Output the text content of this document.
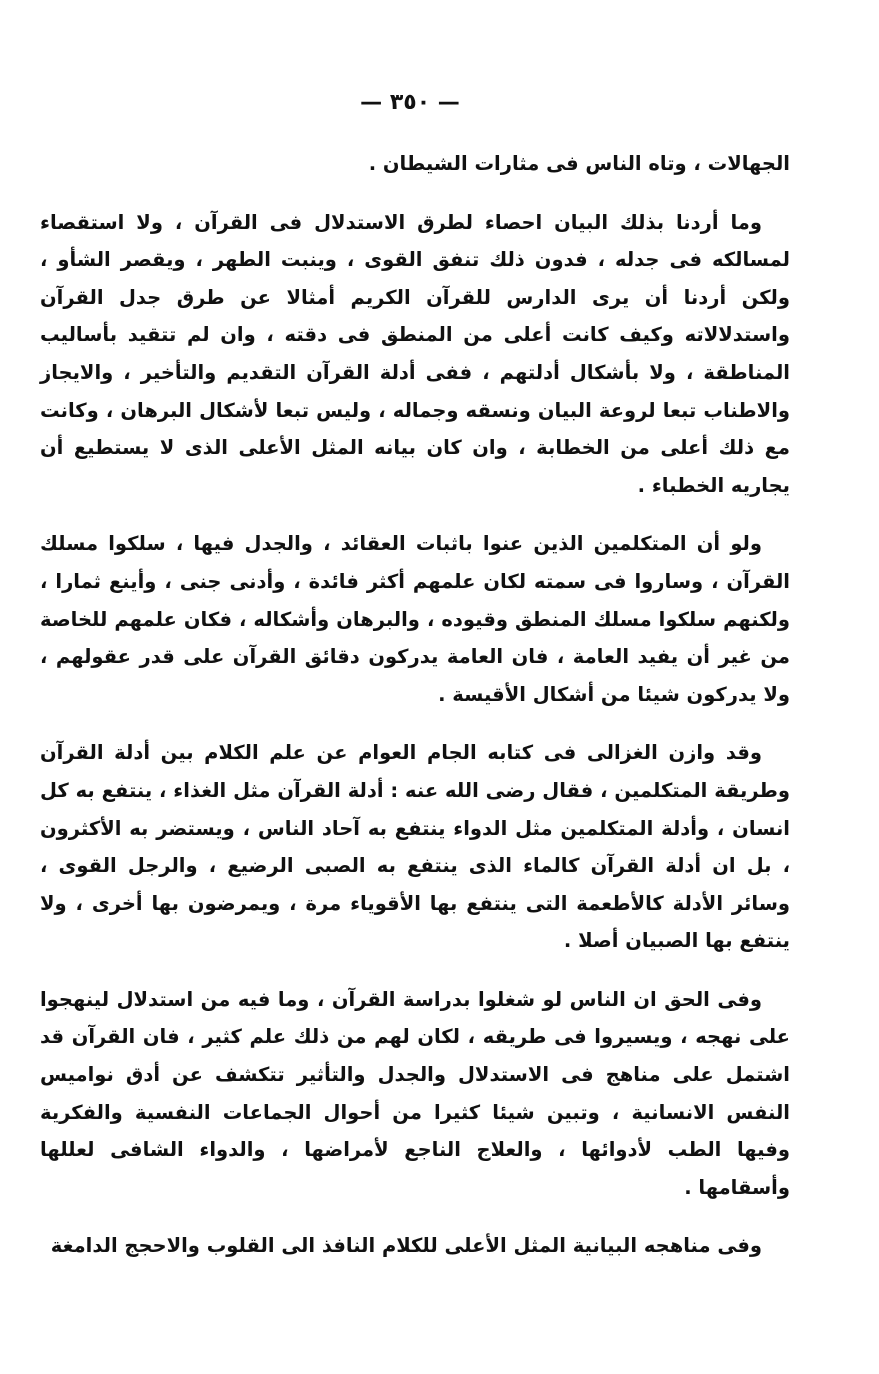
— ٣٥٠ —

الجهالات ، وتاه الناس فى مثارات الشيطان .

وما أردنا بذلك البيان احصاء لطرق الاستدلال فى القرآن ، ولا استقصاء لمسالكه فى جدله ، فدون ذلك تنفق القوى ، وينبت الطهر ، ويقصر الشأو ، ولكن أردنا أن يرى الدارس للقرآن الكريم أمثالا عن طرق جدل القرآن واستدلالاته وكيف كانت أعلى من المنطق فى دقته ، وان لم تتقيد بأساليب المناطقة ، ولا بأشكال أدلتهم ، ففى أدلة القرآن التقديم والتأخير ، والايجاز والاطناب تبعا لروعة البيان ونسقه وجماله ، وليس تبعا لأشكال البرهان ، وكانت مع ذلك أعلى من الخطابة ، وان كان بيانه المثل الأعلى الذى لا يستطيع أن يجاريه الخطباء .

ولو أن المتكلمين الذين عنوا باثبات العقائد ، والجدل فيها ، سلكوا مسلك القرآن ، وساروا فى سمته لكان علمهم أكثر فائدة ، وأدنى جنى ، وأينع ثمارا ، ولكنهم سلكوا مسلك المنطق وقيوده ، والبرهان وأشكاله ، فكان علمهم للخاصة من غير أن يفيد العامة ، فان العامة يدركون دقائق القرآن على قدر عقولهم ، ولا يدركون شيئا من أشكال الأقيسة .

وقد وازن الغزالى فى كتابه الجام العوام عن علم الكلام بين أدلة القرآن وطريقة المتكلمين ، فقال رضى الله عنه : أدلة القرآن مثل الغذاء ، ينتفع به كل انسان ، وأدلة المتكلمين مثل الدواء ينتفع به آحاد الناس ، ويستضر به الأكثرون ، بل ان أدلة القرآن كالماء الذى ينتفع به الصبى الرضيع ، والرجل القوى ، وسائر الأدلة كالأطعمة التى ينتفع بها الأقوياء مرة ، ويمرضون بها أخرى ، ولا ينتفع بها الصبيان أصلا .

وفى الحق ان الناس لو شغلوا بدراسة القرآن ، وما فيه من استدلال لينهجوا على نهجه ، ويسيروا فى طريقه ، لكان لهم من ذلك علم كثير ، فان القرآن قد اشتمل على مناهج فى الاستدلال والجدل والتأثير تتكشف عن أدق نواميس النفس الانسانية ، وتبين شيئا كثيرا من أحوال الجماعات النفسية والفكرية وفيها الطب لأدوائها ، والعلاج الناجع لأمراضها ، والدواء الشافى لعللها وأسقامها .

وفى مناهجه البيانية المثل الأعلى للكلام النافذ الى القلوب والاحجج الدامغة
